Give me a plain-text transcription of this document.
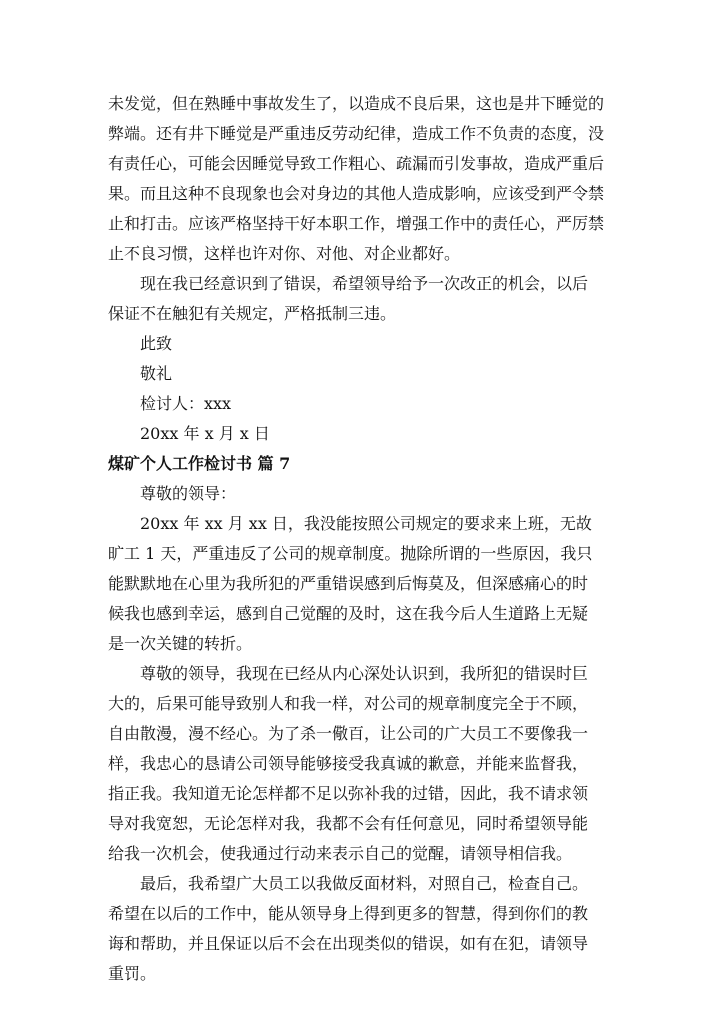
未发觉，但在熟睡中事故发生了，以造成不良后果，这也是井下睡觉的
弊端。还有井下睡觉是严重违反劳动纪律，造成工作不负责的态度，没
有责任心，可能会因睡觉导致工作粗心、疏漏而引发事故，造成严重后
果。而且这种不良现象也会对身边的其他人造成影响，应该受到严令禁
止和打击。应该严格坚持干好本职工作，增强工作中的责任心，严厉禁
止不良习惯，这样也许对你、对他、对企业都好。
现在我已经意识到了错误，希望领导给予一次改正的机会，以后
保证不在触犯有关规定，严格抵制三违。
此致
敬礼
检讨人：xxx
20xx 年 x 月 x 日
煤矿个人工作检讨书 篇 7
尊敬的领导：
20xx 年 xx 月 xx 日，我没能按照公司规定的要求来上班，无故
旷工 1 天，严重违反了公司的规章制度。抛除所谓的一些原因，我只
能默默地在心里为我所犯的严重错误感到后悔莫及，但深感痛心的时
候我也感到幸运，感到自己觉醒的及时，这在我今后人生道路上无疑
是一次关键的转折。
尊敬的领导，我现在已经从内心深处认识到，我所犯的错误时巨
大的，后果可能导致别人和我一样，对公司的规章制度完全于不顾，
自由散漫，漫不经心。为了杀一儆百，让公司的广大员工不要像我一
样，我忠心的恳请公司领导能够接受我真诚的歉意，并能来监督我，
指正我。我知道无论怎样都不足以弥补我的过错，因此，我不请求领
导对我宽恕，无论怎样对我，我都不会有任何意见，同时希望领导能
给我一次机会，使我通过行动来表示自己的觉醒，请领导相信我。
最后，我希望广大员工以我做反面材料，对照自己，检查自己。
希望在以后的工作中，能从领导身上得到更多的智慧，得到你们的教
诲和帮助，并且保证以后不会在出现类似的错误，如有在犯，请领导
重罚。
